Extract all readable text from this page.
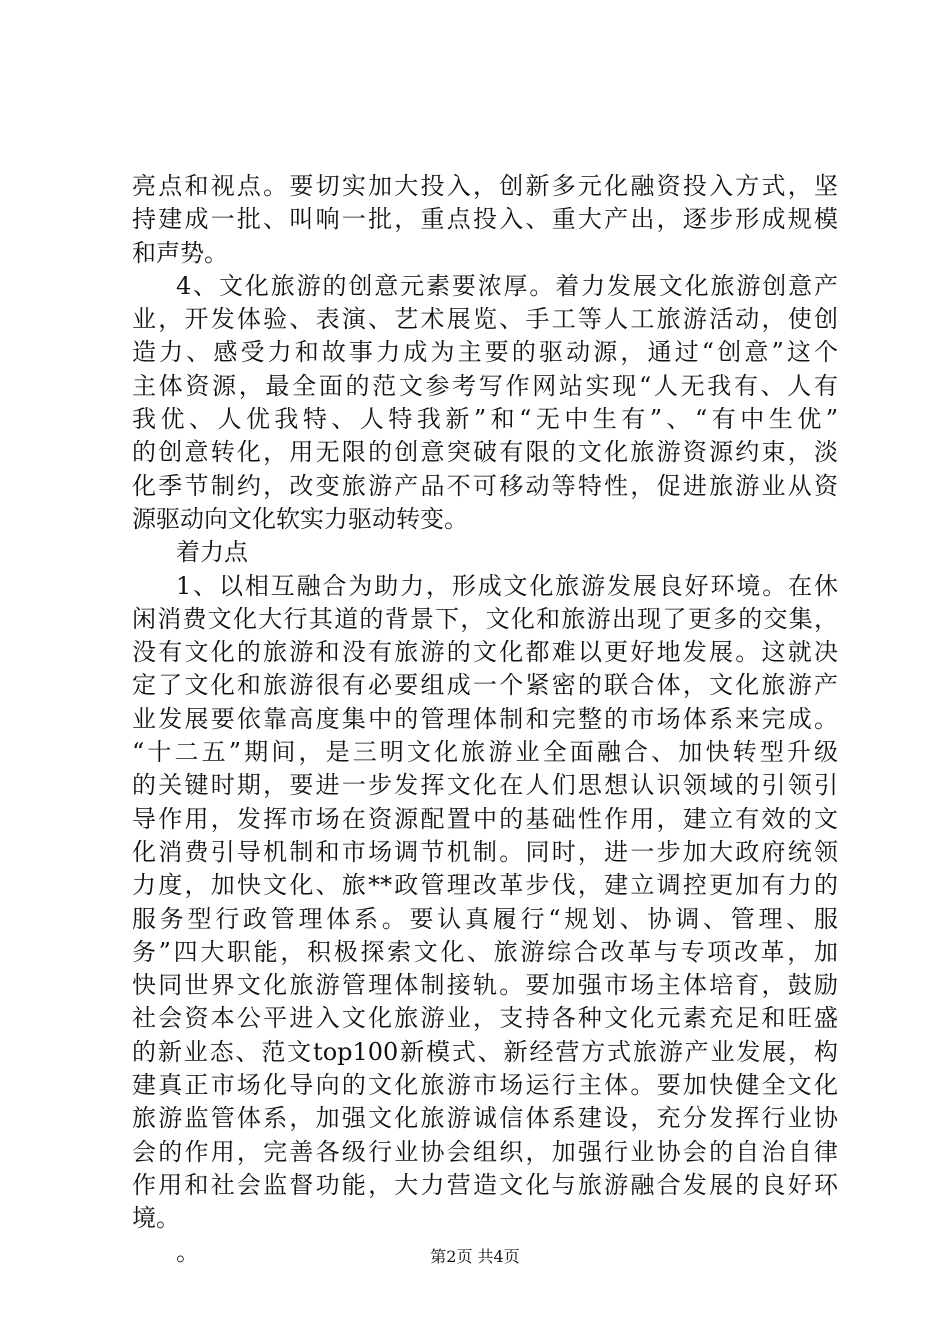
亮点和视点。要切实加大投入，创新多元化融资投入方式，坚
持建成一批、叫响一批，重点投入、重大产出，逐步形成规模
和声势。
4、文化旅游的创意元素要浓厚。着力发展文化旅游创意产
业，开发体验、表演、艺术展览、手工等人工旅游活动，使创
造力、感受力和故事力成为主要的驱动源，通过“创意”这个
主体资源，最全面的范文参考写作网站实现“人无我有、人有
我优、人优我特、人特我新”和“无中生有”、“有中生优”
的创意转化，用无限的创意突破有限的文化旅游资源约束，淡
化季节制约，改变旅游产品不可移动等特性，促进旅游业从资
源驱动向文化软实力驱动转变。
着力点
1、以相互融合为助力，形成文化旅游发展良好环境。在休
闲消费文化大行其道的背景下，文化和旅游出现了更多的交集，
没有文化的旅游和没有旅游的文化都难以更好地发展。这就决
定了文化和旅游很有必要组成一个紧密的联合体，文化旅游产
业发展要依靠高度集中的管理体制和完整的市场体系来完成。
“十二五”期间，是三明文化旅游业全面融合、加快转型升级
的关键时期，要进一步发挥文化在人们思想认识领域的引领引
导作用，发挥市场在资源配置中的基础性作用，建立有效的文
化消费引导机制和市场调节机制。同时，进一步加大政府统领
力度，加快文化、旅**政管理改革步伐，建立调控更加有力的
服务型行政管理体系。要认真履行“规划、协调、管理、服
务”四大职能，积极探索文化、旅游综合改革与专项改革，加
快同世界文化旅游管理体制接轨。要加强市场主体培育，鼓励
社会资本公平进入文化旅游业，支持各种文化元素充足和旺盛
的新业态、范文top100新模式、新经营方式旅游产业发展，构
建真正市场化导向的文化旅游市场运行主体。要加快健全文化
旅游监管体系，加强文化旅游诚信体系建设，充分发挥行业协
会的作用，完善各级行业协会组织，加强行业协会的自治自律
作用和社会监督功能，大力营造文化与旅游融合发展的良好环
境。
。	第2页 共4页
